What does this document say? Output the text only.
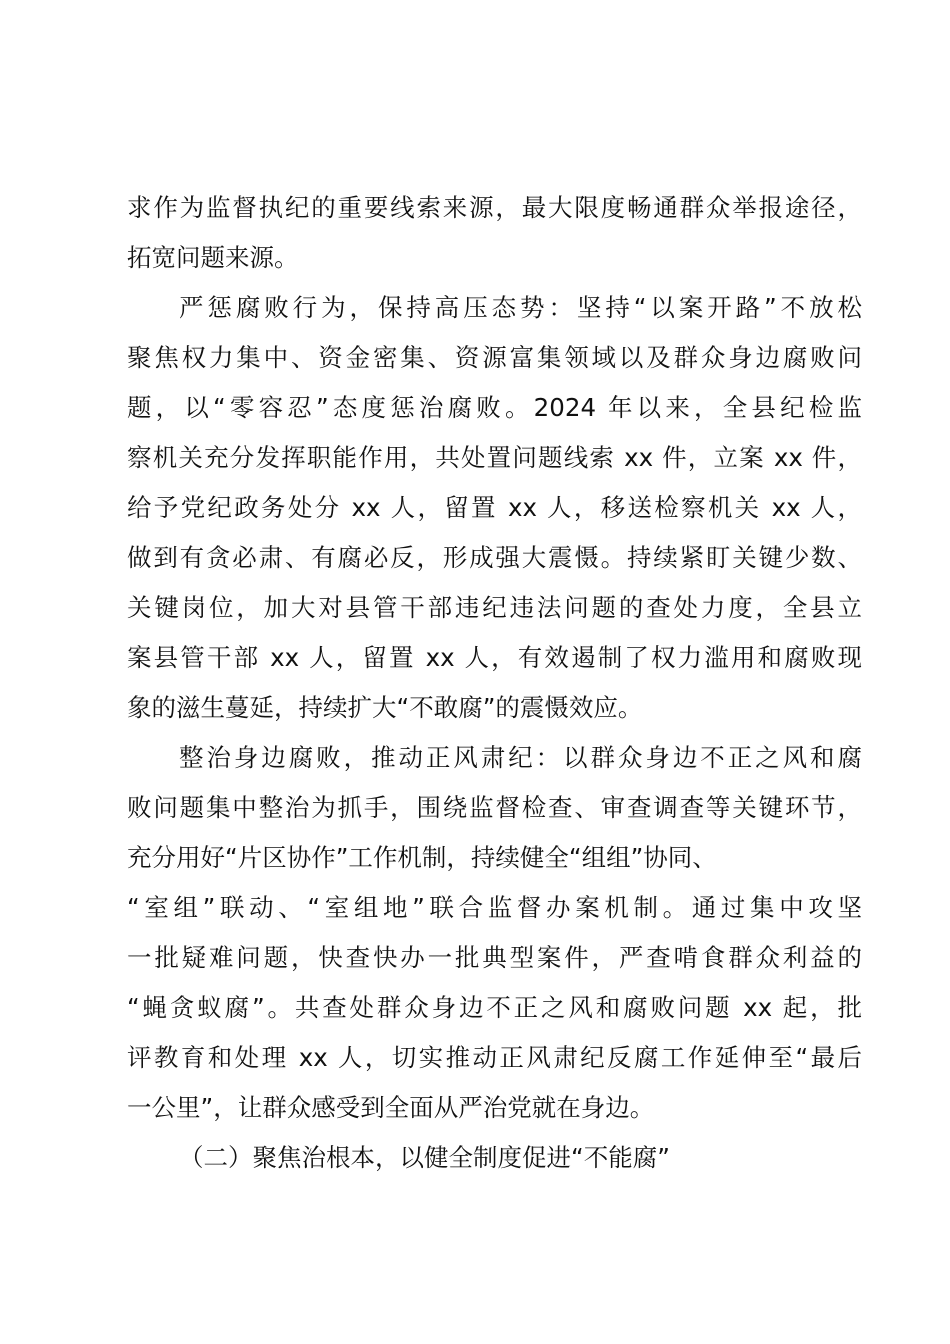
求作为监督执纪的重要线索来源，最大限度畅通群众举报途径，
拓宽问题来源。
严惩腐败行为，保持高压态势：坚持“以案开路”不放松
聚焦权力集中、资金密集、资源富集领域以及群众身边腐败问
题，以“零容忍”态度惩治腐败。2024 年以来，全县纪检监
察机关充分发挥职能作用，共处置问题线索 xx 件，立案 xx 件，
给予党纪政务处分 xx 人，留置 xx 人，移送检察机关 xx 人，
做到有贪必肃、有腐必反，形成强大震慑。持续紧盯关键少数、
关键岗位，加大对县管干部违纪违法问题的查处力度，全县立
案县管干部 xx 人，留置 xx 人，有效遏制了权力滥用和腐败现
象的滋生蔓延，持续扩大“不敢腐”的震慑效应。
整治身边腐败，推动正风肃纪：以群众身边不正之风和腐
败问题集中整治为抓手，围绕监督检查、审查调查等关键环节，
充分用好“片区协作”工作机制，持续健全“组组”协同、
“室组”联动、“室组地”联合监督办案机制。通过集中攻坚
一批疑难问题，快查快办一批典型案件，严查啃食群众利益的
“蝇贪蚁腐”。共查处群众身边不正之风和腐败问题 xx 起，批
评教育和处理 xx 人，切实推动正风肃纪反腐工作延伸至“最后
一公里”，让群众感受到全面从严治党就在身边。
（二）聚焦治根本，以健全制度促进“不能腐”
